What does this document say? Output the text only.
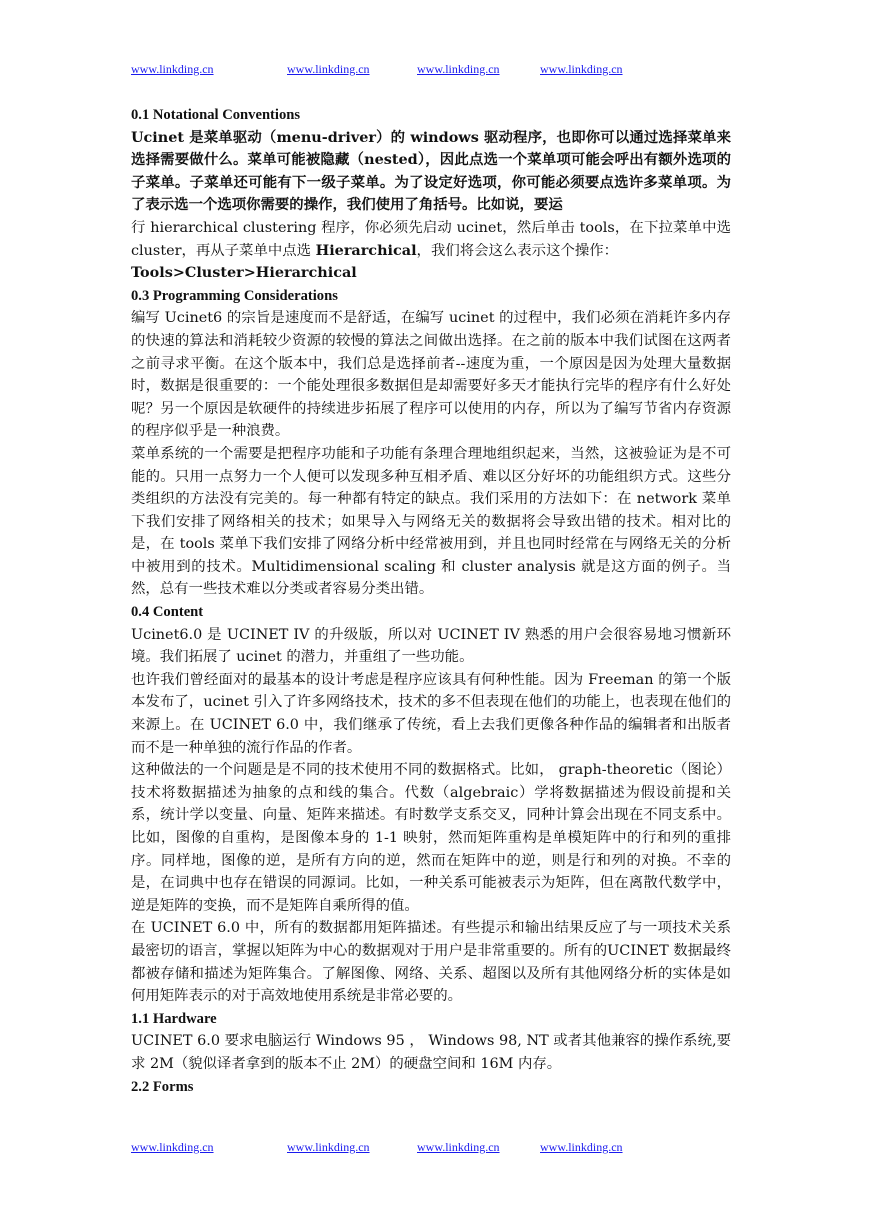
www.linkding.cn	www.linkding.cn	www.linkding.cn	www.linkding.cn
0.1 Notational Conventions

Ucinet 是菜单驱动（menu-driver）的 windows 驱动程序，也即你可以通过选择菜单来选择需要做什么。菜单可能被隐藏（nested），因此点选一个菜单项可能会呼出有额外选项的子菜单。子菜单还可能有下一级子菜单。为了设定好选项，你可能必须要点选许多菜单项。为了表示选一个选项你需要的操作，我们使用了角括号。比如说，要运

行 hierarchical clustering 程序，你必须先启动 ucinet，然后单击 tools，在下拉菜单中选cluster，再从子菜单中点选 Hierarchical，我们将会这么表示这个操作：

Tools>Cluster>Hierarchical

0.3 Programming Considerations

编写 Ucinet6 的宗旨是速度而不是舒适，在编写 ucinet 的过程中，我们必须在消耗许多内存的快速的算法和消耗较少资源的较慢的算法之间做出选择。在之前的版本中我们试图在这两者之前寻求平衡。在这个版本中，我们总是选择前者--速度为重，一个原因是因为处理大量数据时，数据是很重要的：一个能处理很多数据但是却需要好多天才能执行完毕的程序有什么好处呢？另一个原因是软硬件的持续进步拓展了程序可以使用的内存，所以为了编写节省内存资源的程序似乎是一种浪费。

菜单系统的一个需要是把程序功能和子功能有条理合理地组织起来，当然，这被验证为是不可能的。只用一点努力一个人便可以发现多种互相矛盾、难以区分好坏的功能组织方式。这些分类组织的方法没有完美的。每一种都有特定的缺点。我们采用的方法如下：在 network 菜单下我们安排了网络相关的技术；如果导入与网络无关的数据将会导致出错的技术。相对比的是，在 tools 菜单下我们安排了网络分析中经常被用到，并且也同时经常在与网络无关的分析中被用到的技术。Multidimensional scaling 和 cluster analysis 就是这方面的例子。当然，总有一些技术难以分类或者容易分类出错。

0.4 Content

Ucinet6.0 是 UCINET IV 的升级版，所以对 UCINET IV 熟悉的用户会很容易地习惯新环境。我们拓展了 ucinet 的潜力，并重组了一些功能。

也许我们曾经面对的最基本的设计考虑是程序应该具有何种性能。因为 Freeman 的第一个版本发布了，ucinet 引入了许多网络技术，技术的多不但表现在他们的功能上，也表现在他们的来源上。在 UCINET 6.0 中，我们继承了传统，看上去我们更像各种作品的编辑者和出版者而不是一种单独的流行作品的作者。

这种做法的一个问题是是不同的技术使用不同的数据格式。比如， graph-theoretic（图论）技术将数据描述为抽象的点和线的集合。代数（algebraic）学将数据描述为假设前提和关系，统计学以变量、向量、矩阵来描述。有时数学支系交叉，同种计算会出现在不同支系中。比如，图像的自重构，是图像本身的 1-1 映射，然而矩阵重构是单模矩阵中的行和列的重排序。同样地，图像的逆，是所有方向的逆，然而在矩阵中的逆，则是行和列的对换。不幸的是，在词典中也存在错误的同源词。比如，一种关系可能被表示为矩阵，但在离散代数学中，逆是矩阵的变换，而不是矩阵自乘所得的值。

在 UCINET 6.0 中，所有的数据都用矩阵描述。有些提示和输出结果反应了与一项技术关系最密切的语言，掌握以矩阵为中心的数据观对于用户是非常重要的。所有的UCINET 数据最终都被存储和描述为矩阵集合。了解图像、网络、关系、超图以及所有其他网络分析的实体是如何用矩阵表示的对于高效地使用系统是非常必要的。

1.1 Hardware

UCINET 6.0 要求电脑运行 Windows 95 ， Windows 98, NT 或者其他兼容的操作系统,要求 2M（貌似译者拿到的版本不止 2M）的硬盘空间和 16M 内存。

2.2 Forms
www.linkding.cn	www.linkding.cn	www.linkding.cn	www.linkding.cn
